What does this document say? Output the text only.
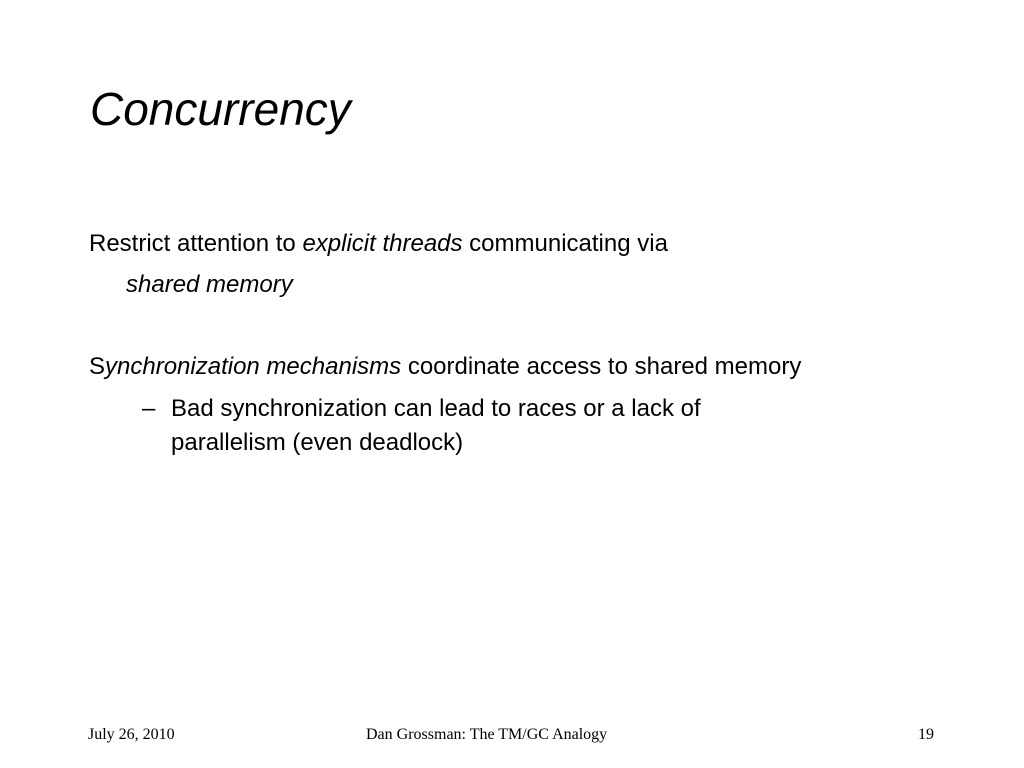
Concurrency
Restrict attention to explicit threads communicating via
shared memory
Synchronization mechanisms coordinate access to shared memory
– Bad synchronization can lead to races or a lack of
parallelism (even deadlock)
July 26, 2010	Dan Grossman: The TM/GC Analogy	19
